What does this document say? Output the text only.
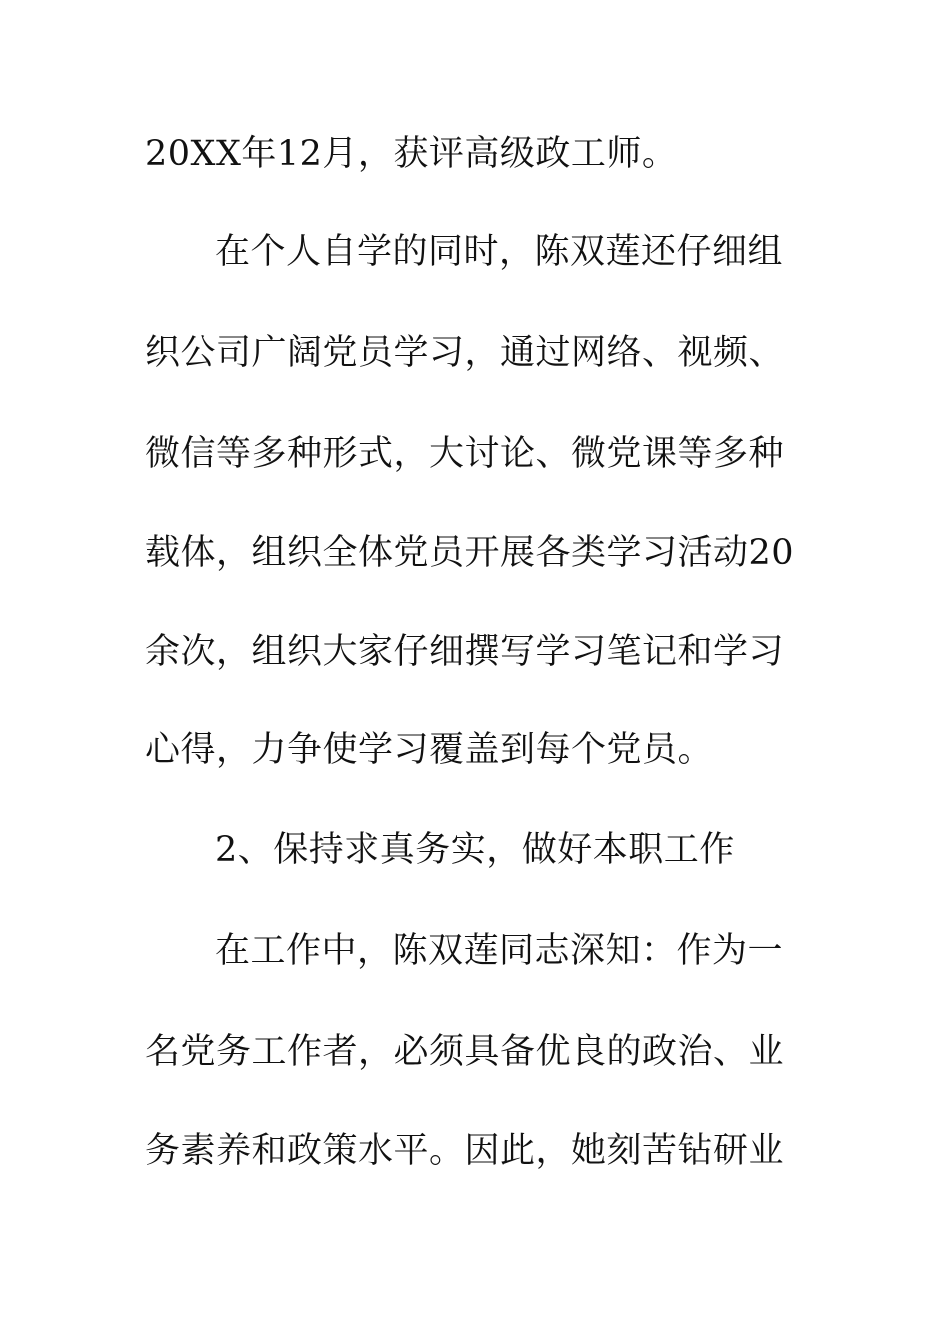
20XX年12月，获评高级政工师。
在个人自学的同时，陈双莲还仔细组
织公司广阔党员学习，通过网络、视频、
微信等多种形式，大讨论、微党课等多种
载体，组织全体党员开展各类学习活动20
余次，组织大家仔细撰写学习笔记和学习
心得，力争使学习覆盖到每个党员。
2、保持求真务实，做好本职工作
在工作中，陈双莲同志深知：作为一
名党务工作者，必须具备优良的政治、业
务素养和政策水平。因此，她刻苦钻研业
